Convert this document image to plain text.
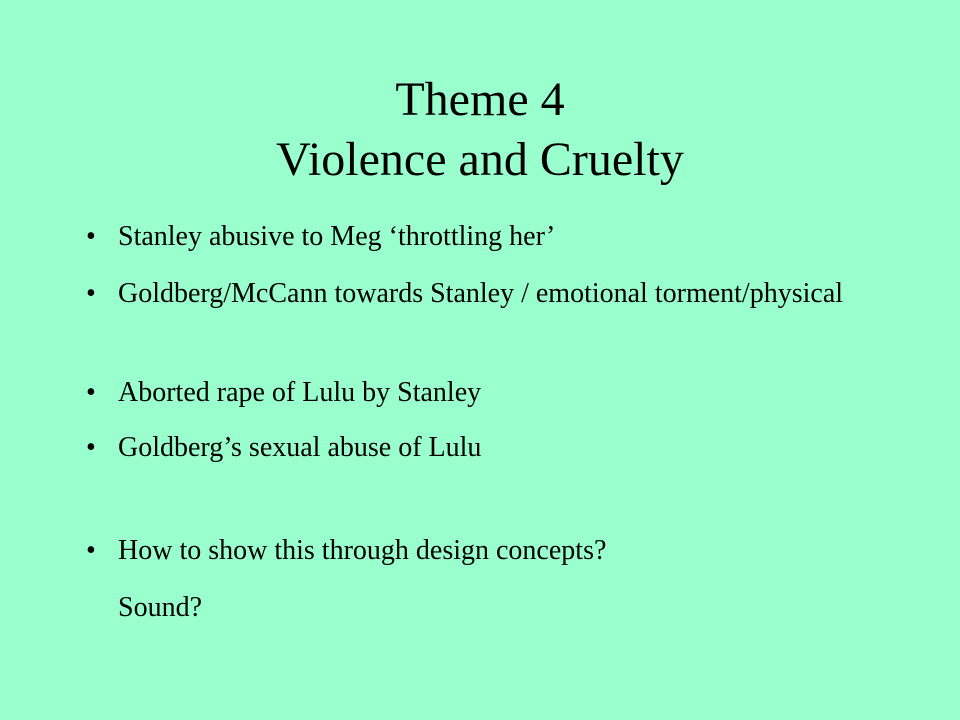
Theme 4
Violence and Cruelty
• Stanley abusive to Meg ‘throttling her’
• Goldberg/McCann towards Stanley / emotional torment/physical
• Aborted rape of Lulu by Stanley
• Goldberg’s sexual abuse of Lulu
• How to show this through design concepts?
Sound?
